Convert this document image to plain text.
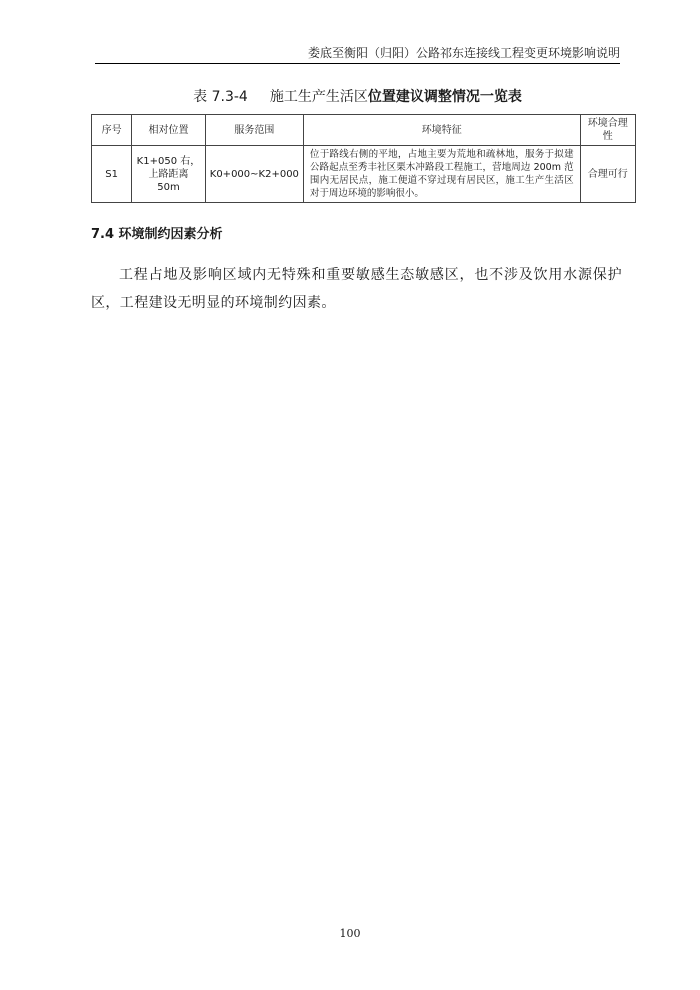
娄底至衡阳（归阳）公路祁东连接线工程变更环境影响说明
表 7.3-4 施工生产生活区位置建议调整情况一览表
序号	相对位置	服务范围	环境特征	环境合理性
S1	K1+050 右，上路距离 50m	K0+000~K2+000	位于路线右侧的平地，占地主要为荒地和疏林地，服务于拟建公路起点至秀丰社区栗木冲路段工程施工，营地周边 200m 范围内无居民点，施工便道不穿过现有居民区，施工生产生活区对于周边环境的影响很小。	合理可行
7.4 环境制约因素分析

工程占地及影响区域内无特殊和重要敏感生态敏感区，也不涉及饮用水源保护区，工程建设无明显的环境制约因素。

100
